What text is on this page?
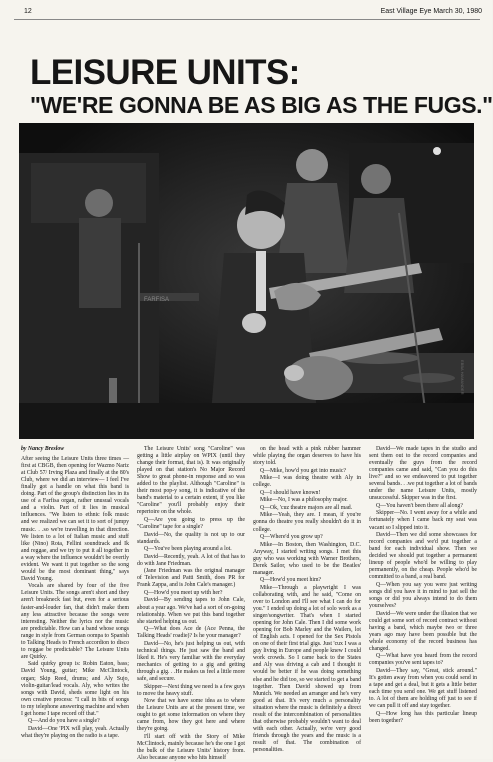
12	East Village Eye March 30, 1980
LEISURE UNITS:
"WE'RE GONNA BE AS BIG AS THE FUGS."
FARFISA
EBBA HAMANDER
by Nancy Breslow

After seeing the Leisure Units three times —first at CBGB, then opening for Wazmo Nariz at Club 57/ Irving Plaza and finally at the 80's Club, where we did an interview— I feel I've finally got a handle on what this band is doing. Part of the group's distinction lies in its use of a Farfisa organ, rather unusual vocals and a violin. Part of it lies in musical influences. "We listen to ethnic folk music and we realized we can set it to sort of jumpy music. . .so we're travelling in that direction. We listen to a lot of Italian music and stuff like (Nino) Rota, Fellini soundtrack and Ik and reggae, and we try to put it all together in a way where the influence wouldn't be overtly evident. We want it put together so the song would be the most dominant thing," says David Young.

Vocals are shared by four of the five Leisure Units. The songs aren't short and they aren't breakneck fast but, even for a serious faster-and-louder fan, that didn't make them any less attractive because the songs were interesting. Neither the lyrics nor the music are predictable. How can a band whose songs range in style from German oompa to Spanish to Talking Heads to French accordion to disco to reggae be predictable? The Leisure Units are Quirky.

Said quirky group is: Robin Eaton, bass; David Young, guitar; Mike McClintock, organ; Skip Reed, drums; and Aly Sujo, violin-guitar/lead vocals. Aly, who writes the songs with David, sheds some light on his own creative process: "I call in bits of songs to my telephone answering machine and when I get home I tape record off that."

Q—And do you have a single?

David—One 'PIX will play, yeah. Actually what they're playing on the radio is a tape.

The Leisure Units' song "Caroline" was getting a little airplay on WPIX (until they change their format, that is). It was originally played on that station's No Major Record Show to great phone-in response and so was added to the playlist. Although "Caroline" is their most pop-y song, it is indicative of the band's material to a certain extent, if you like "Caroline" you'll probably enjoy their repertoire on the whole.

Q—Are you going to press up the "Caroline" tape for a single?

David—No, the quality is not up to our standards.

Q—You've been playing around a lot.

David—Recently, yeah. A lot of that has to do with Jane Friedman.

(Jane Friedman was the original manager of Television and Patti Smith, does PR for Frank Zappa, and is John Cale's manager.)

Q—How'd you meet up with her?

David—By sending tapes to John Cale, about a year ago. We've had a sort of on-going relationship. When we put this band together she started helping us out.

Q—What does Ace de (Ace Penna, the Talking Heads' roadie)? Is he your manager?

David—No, he's just helping us out, with technical things. He just saw the band and liked it. He's very familiar with the everyday mechanics of getting to a gig and getting through a gig. . .He makes us feel a little more safe, and secure.

Skipper—Next thing we need is a few guys to move the heavy stuff.

Now that we have some idea as to where the Leisure Units are at the present time, we ought to get some information on where they came from, how they got here and where they're going.

I'll start off with the Story of Mike McClintock, mainly because he's the one I got the bulk of the Leisure Units' history from. Also because anyone who hits himself

on the head with a pink rubber hammer while playing the organ deserves to have his story told.

Q—Mike, how'd you get into music?

Mike—I was doing theatre with Aly in college.

Q—I should have known!

Mike—No, I was a philosophy major.

Q—Ok, 'cuz theatre majors are all mad.

Mike—Yeah, they are. I mean, if you're gonna do theatre you really shouldn't do it in college.

Q—Where'd you grow up?

Mike—In Boston, then Washington, D.C. Anyway, I started writing songs. I met this guy who was working with Warner Brothers, Derek Sailor, who used to be the Beatles' manager.

Q—How'd you meet him?

Mike—Through a playwright I was collaborating with, and he said, "Come on over to London and I'll see what I can do for you." I ended up doing a lot of solo work as a singer/songwriter. That's when I started opening for John Cale. Then I did some work opening for Bob Marley and the Wailers, lot of English acts. I opened for the Sex Pistols on one of their first trial gigs. Just 'cux I was a guy living in Europe and people knew I could work crowds. So I came back to the States and Aly was driving a cab and I thought it would be better if he was doing something else and he did too, so we started to get a band together. Then David showed up from Munich. We needed an arranger and he's very good at that. It's very much a personality situation where the music is definitely a direct result of the intercombination of personalities that otherwise probably wouldn't want to deal with each other. Actually, we're very good friends through the years and the music is a result of that. The combination of personalities.

David—We made tapes in the studio and sent them out to the record companies and eventually the guys from the record companies came and said, "Can you do this live?" and so we endeavored to put together several bands. . .we put together a lot of bands under the name Leisure Units, mostly unsuccessful. Skipper was in the first.

Q—You haven't been there all along?

Skipper—No. I went away for a while and fortunately when I came back my seat was vacant so I slipped into it.

David—Then we did some showcases for record companies and we'd put together a band for each individual show. Then we decided we should put together a permanent lineup of people who'd be willing to play permanently, on the cheap. People who'd be committed to a band, a real band.

Q—When you say you were just writing songs did you have it in mind to just sell the songs or did you always intend to do them yourselves?

David—We were under the illusion that we could get some sort of record contract without having a band, which maybe two or three years ago may have been possible but the whole economy of the record business has changed.

Q—What have you heard from the record companies you've sent tapes to?

David—They say, "Great, stick around." It's gotten away from when you could send in a tape and get a deal, but it gets a little better each time you send one. We get stuff listened to. A lot of them are holding off just to see if we can pull it off and stay together.

Q—How long has this particular lineup been together?
